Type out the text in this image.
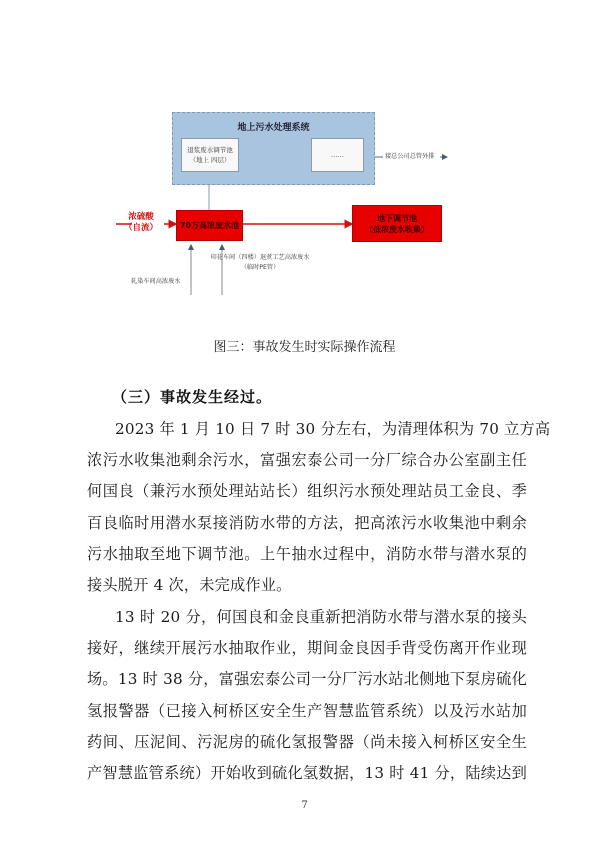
地上污水处理系统
退浆废水调节池
（地上 四层）
……	接总公司总管外排
浓硫酸
（自流）	70方高浓废水池
地下调节池
（低浓废水收集）
印花车间（四楼）退煮工艺高浓废水
（临时PE管）
轧染车间高浓废水
图三：事故发生时实际操作流程
（三）事故发生经过。
2023 年 1 月 10 日 7 时 30 分左右，为清理体积为 70 立方高
浓污水收集池剩余污水，富强宏泰公司一分厂综合办公室副主任
何国良（兼污水预处理站站长）组织污水预处理站员工金良、季
百良临时用潜水泵接消防水带的方法，把高浓污水收集池中剩余
污水抽取至地下调节池。上午抽水过程中，消防水带与潜水泵的
接头脱开 4 次，未完成作业。
13 时 20 分，何国良和金良重新把消防水带与潜水泵的接头
接好，继续开展污水抽取作业，期间金良因手背受伤离开作业现
场。13 时 38 分，富强宏泰公司一分厂污水站北侧地下泵房硫化
氢报警器（已接入柯桥区安全生产智慧监管系统）以及污水站加
药间、压泥间、污泥房的硫化氢报警器（尚未接入柯桥区安全生
产智慧监管系统）开始收到硫化氢数据，13 时 41 分，陆续达到
7
